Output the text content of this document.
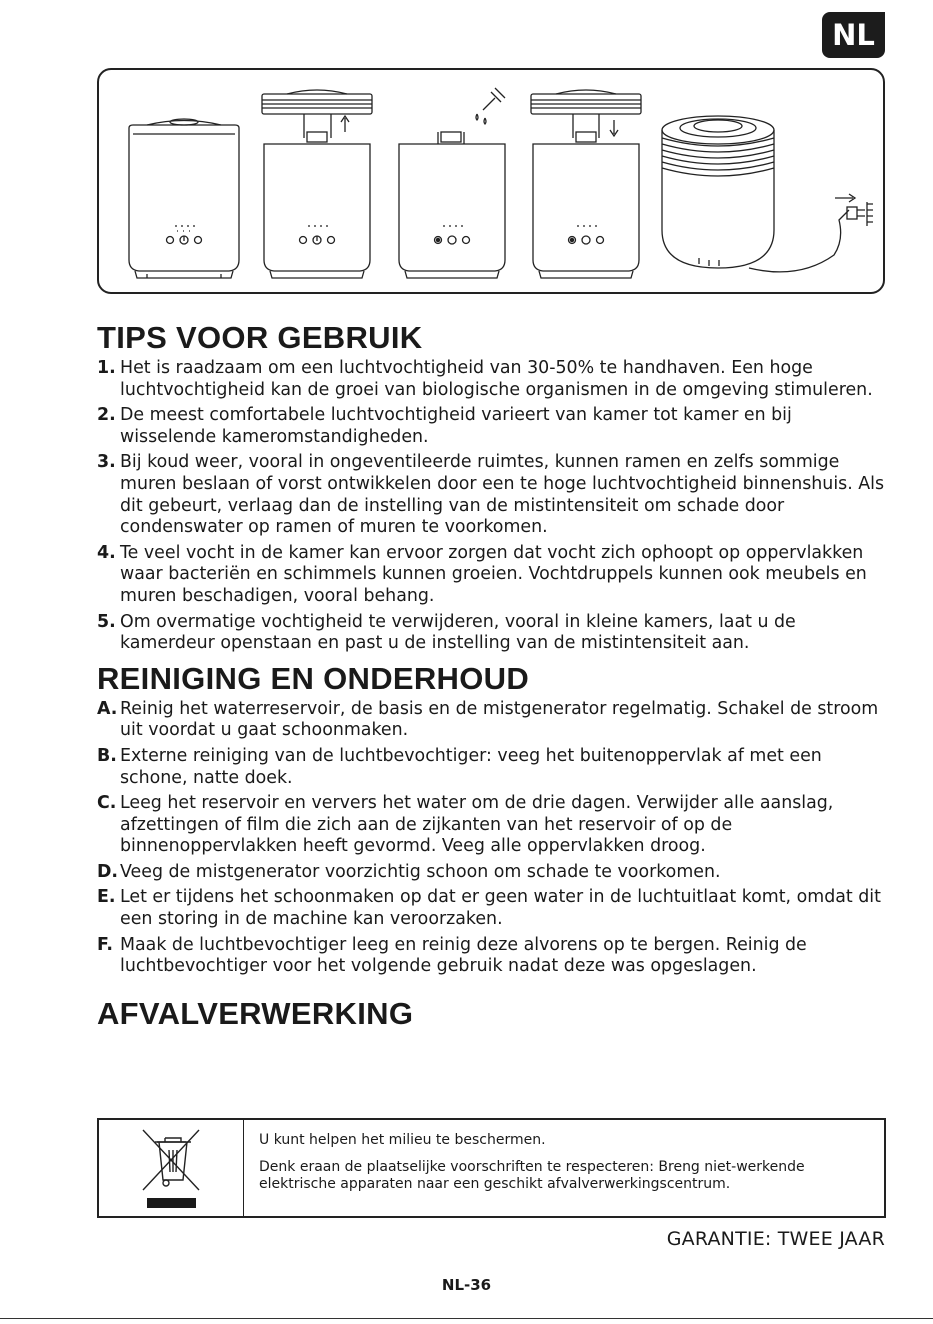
NL
TIPS VOOR GEBRUIK
1. Het is raadzaam om een luchtvochtigheid van 30-50% te handhaven. Een hoge luchtvochtigheid kan de groei van biologische organismen in de omgeving stimuleren.
2. De meest comfortabele luchtvochtigheid varieert van kamer tot kamer en bij wisselende kameromstandigheden.
3. Bij koud weer, vooral in ongeventileerde ruimtes, kunnen ramen en zelfs sommige muren beslaan of vorst ontwikkelen door een te hoge luchtvochtigheid binnenshuis. Als dit gebeurt, verlaag dan de instelling van de mistintensiteit om schade door condenswater op ramen of muren te voorkomen.
4. Te veel vocht in de kamer kan ervoor zorgen dat vocht zich ophoopt op oppervlakken waar bacteriën en schimmels kunnen groeien. Vochtdruppels kunnen ook meubels en muren beschadigen, vooral behang.
5. Om overmatige vochtigheid te verwijderen, vooral in kleine kamers, laat u de kamerdeur openstaan en past u de instelling van de mistintensiteit aan.
REINIGING EN ONDERHOUD
A. Reinig het waterreservoir, de basis en de mistgenerator regelmatig. Schakel de stroom uit voordat u gaat schoonmaken.
B. Externe reiniging van de luchtbevochtiger: veeg het buitenoppervlak af met een schone, natte doek.
C. Leeg het reservoir en ververs het water om de drie dagen. Verwijder alle aanslag, afzettingen of film die zich aan de zijkanten van het reservoir of op de binnenoppervlakken heeft gevormd. Veeg alle oppervlakken droog.
D. Veeg de mistgenerator voorzichtig schoon om schade te voorkomen.
E. Let er tijdens het schoonmaken op dat er geen water in de luchtuitlaat komt, omdat dit een storing in de machine kan veroorzaken.
F. Maak de luchtbevochtiger leeg en reinig deze alvorens op te bergen. Reinig de luchtbevochtiger voor het volgende gebruik nadat deze was opgeslagen.
AFVALVERWERKING

U kunt helpen het milieu te beschermen.

Denk eraan de plaatselijke voorschriften te respecteren: Breng niet-werkende elektrische apparaten naar een geschikt afvalverwerkingscentrum.

GARANTIE: TWEE JAAR
NL-36
